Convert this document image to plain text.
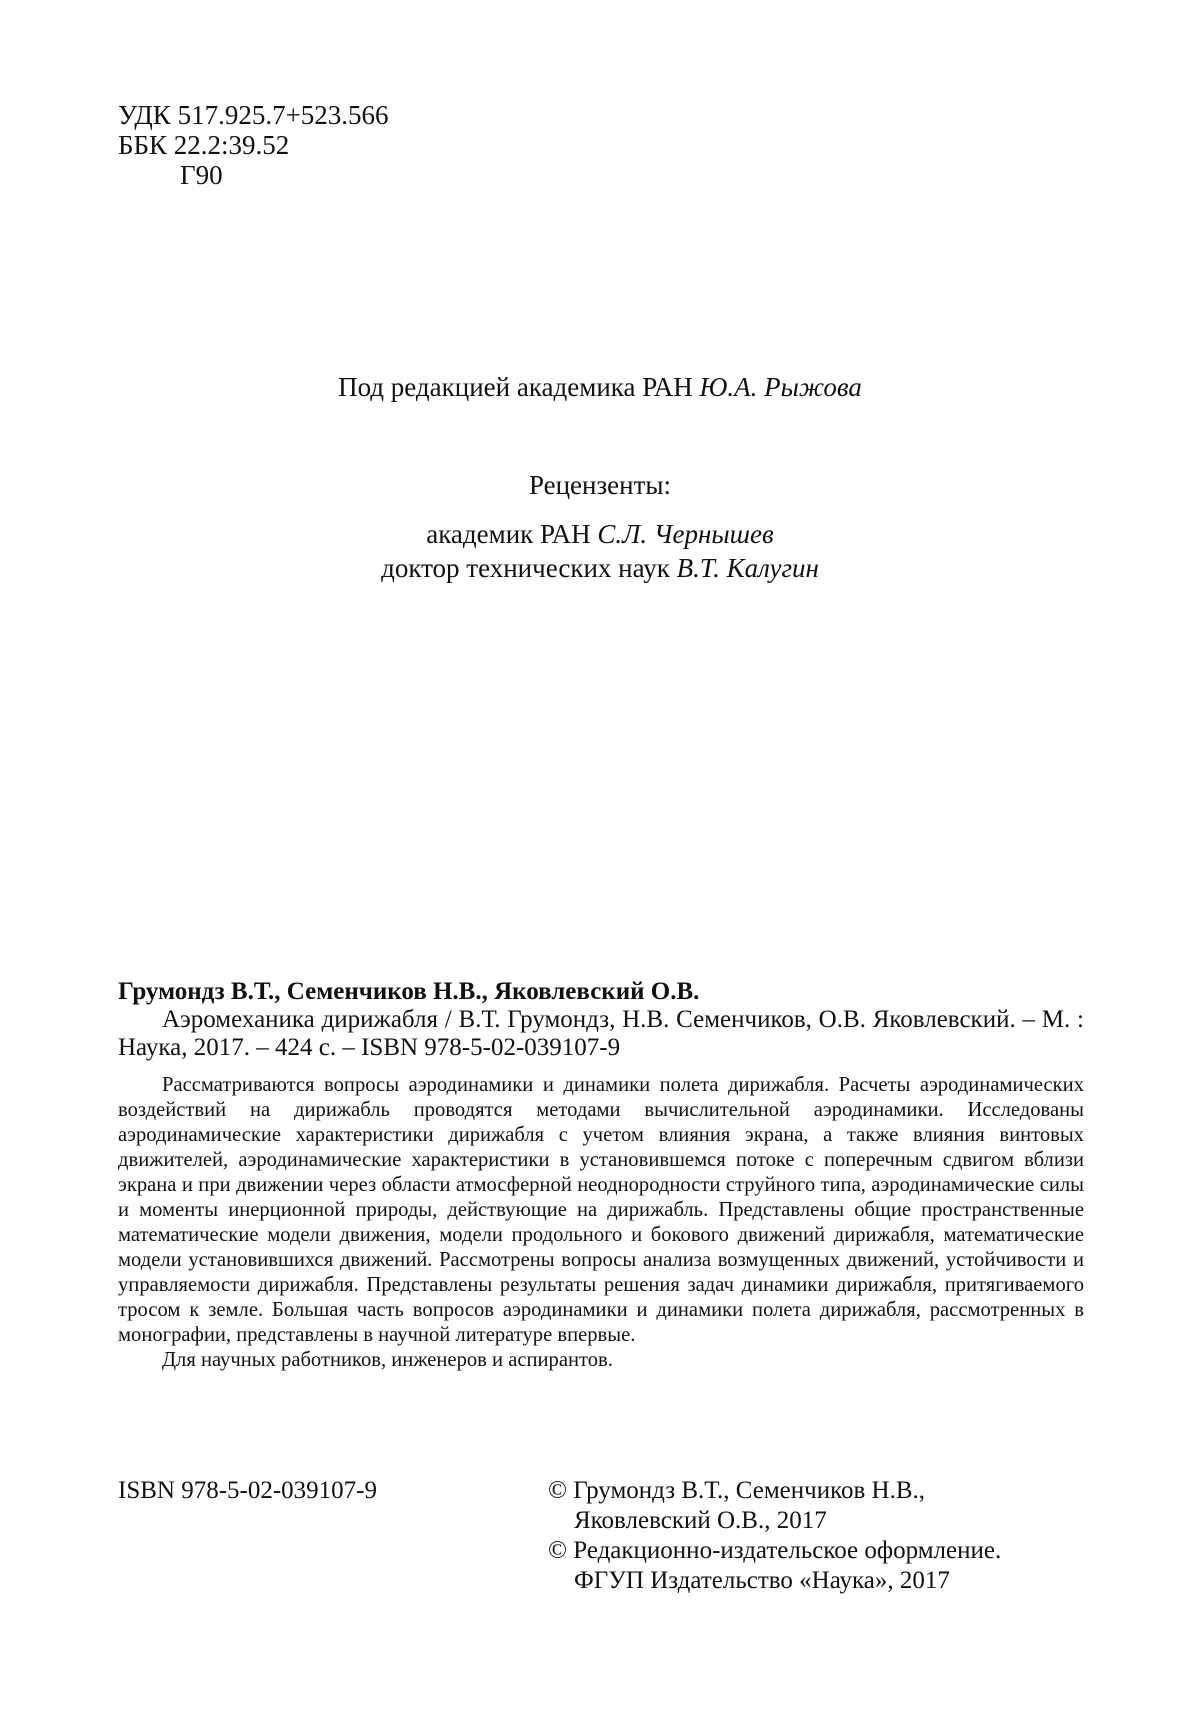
УДК 517.925.7+523.566
ББК 22.2:39.52
Г90
Под редакцией академика РАН Ю.А. Рыжова
Рецензенты:
академик РАН С.Л. Чернышев
доктор технических наук В.Т. Калугин
Грумондз В.Т., Семенчиков Н.В., Яковлевский О.В.
Аэромеханика дирижабля / В.Т. Грумондз, Н.В. Семенчиков, О.В. Яковлевский. – М. : Наука, 2017. – 424 с. – ISBN 978-5-02-039107-9

Рассматриваются вопросы аэродинамики и динамики полета дирижабля. Расчеты аэродинамических воздействий на дирижабль проводятся методами вычислительной аэродинамики. Исследованы аэродинамические характеристики дирижабля с учетом влияния экрана, а также влияния винтовых движителей, аэродинамические характеристики в установившемся потоке с поперечным сдвигом вблизи экрана и при движении через области атмосферной неоднородности струйного типа, аэродинамические силы и моменты инерционной природы, действующие на дирижабль. Представлены общие пространственные математические модели движения, модели продольного и бокового движений дирижабля, математические модели установившихся движений. Рассмотрены вопросы анализа возмущенных движений, устойчивости и управляемости дирижабля. Представлены результаты решения задач динамики дирижабля, притягиваемого тросом к земле. Большая часть вопросов аэродинамики и динамики полета дирижабля, рассмотренных в монографии, представлены в научной литературе впервые.

Для научных работников, инженеров и аспирантов.

ISBN 978-5-02-039107-9	© Грумондз В.Т., Семенчиков Н.В.,
Яковлевский О.В., 2017
© Редакционно-издательское оформление.
ФГУП Издательство «Наука», 2017
